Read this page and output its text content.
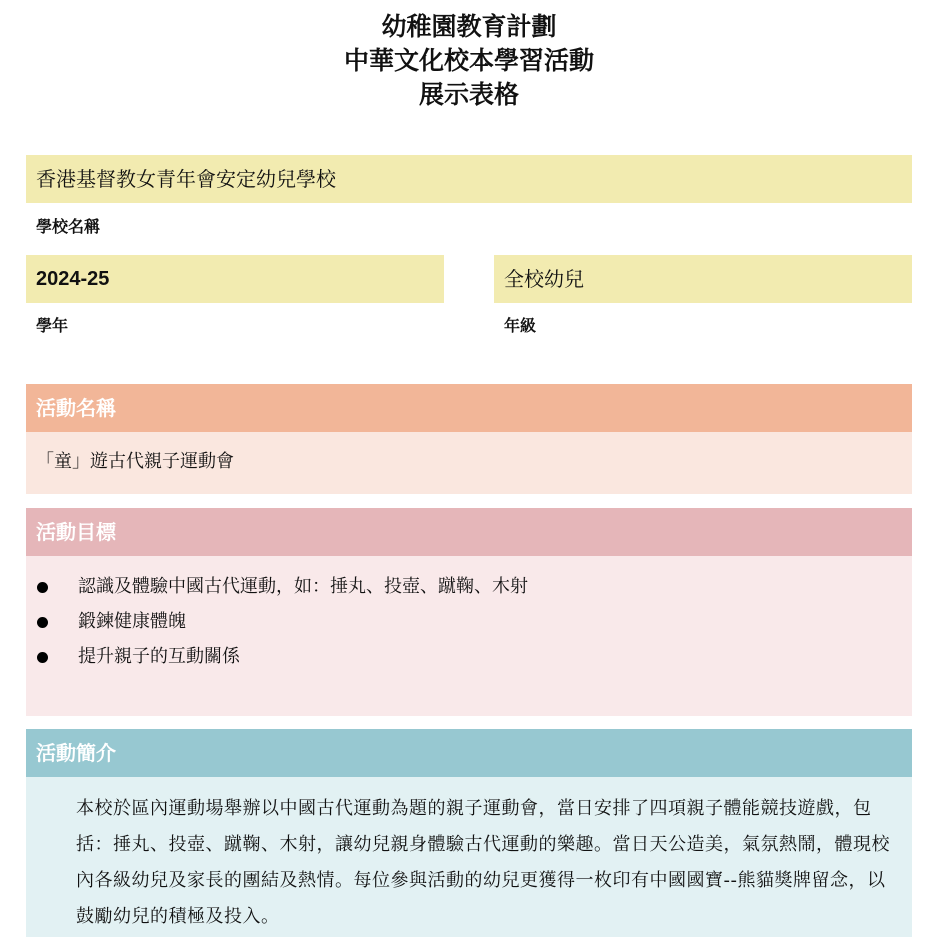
幼稚園教育計劃
中華文化校本學習活動
展示表格
香港基督教女青年會安定幼兒學校
學校名稱
2024-25
學年
全校幼兒
年級
活動名稱
「童」遊古代親子運動會
活動目標
認識及體驗中國古代運動，如：捶丸、投壺、蹴鞠、木射
鍛鍊健康體魄
提升親子的互動關係
活動簡介
本校於區內運動場舉辦以中國古代運動為題的親子運動會，當日安排了四項親子體能競技遊戲，包括：捶丸、投壺、蹴鞠、木射，讓幼兒親身體驗古代運動的樂趣。當日天公造美，氣氛熱鬧，體現校內各級幼兒及家長的團結及熱情。每位參與活動的幼兒更獲得一枚印有中國國寶--熊貓獎牌留念，以鼓勵幼兒的積極及投入。
